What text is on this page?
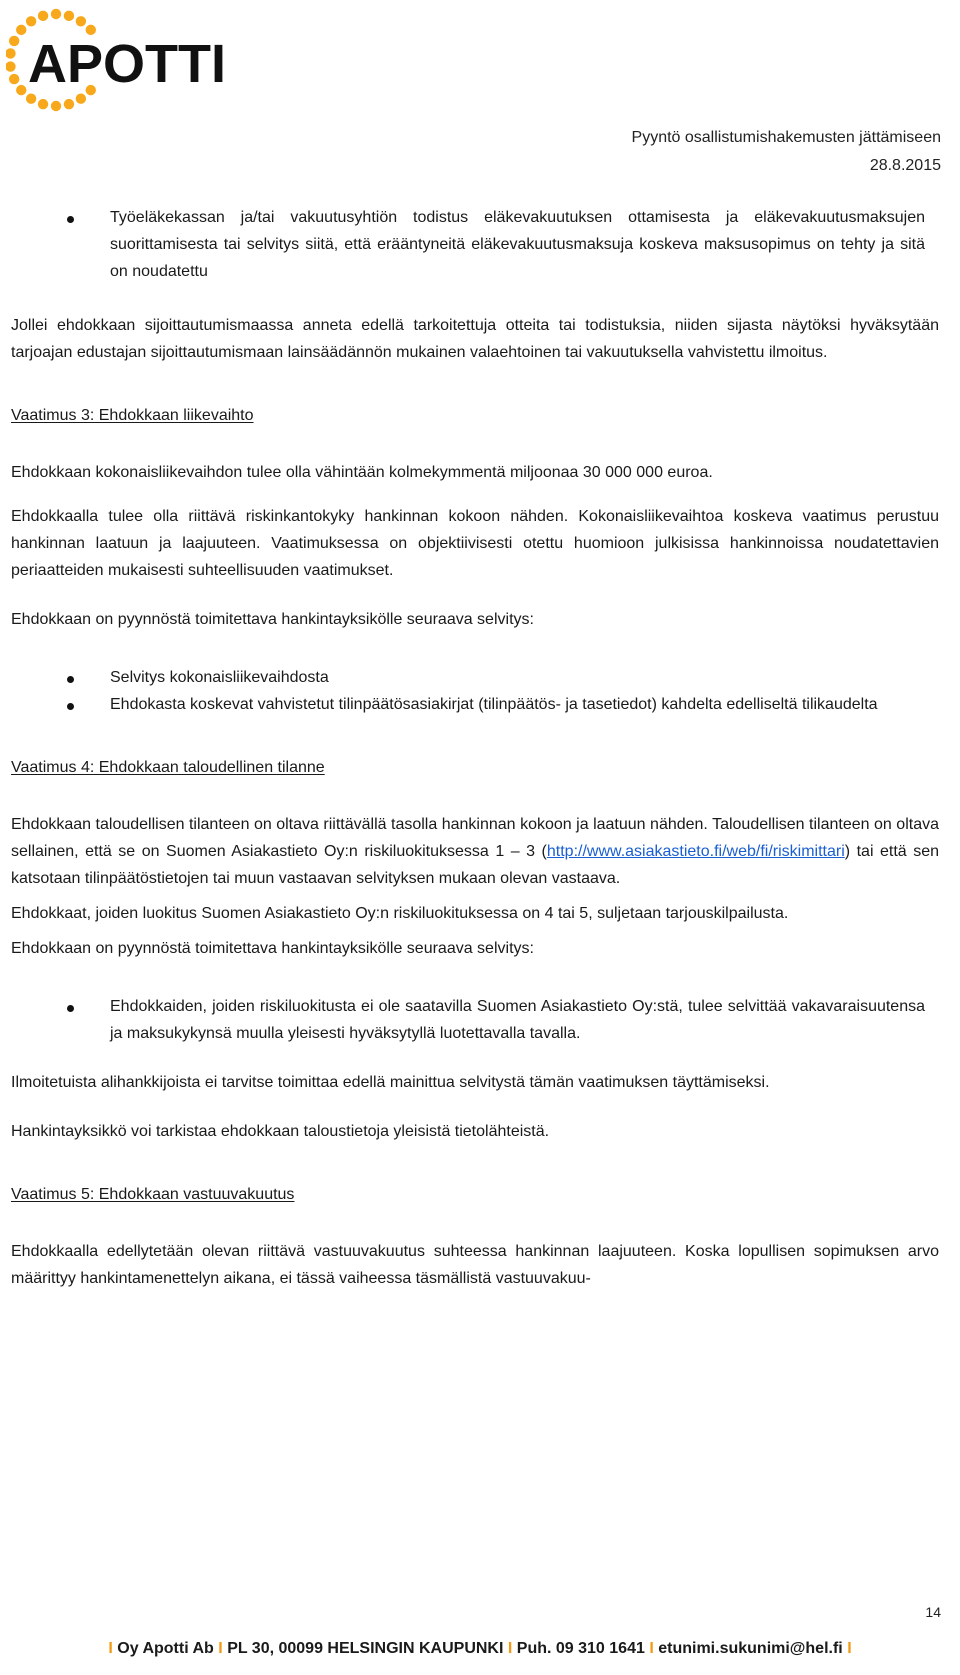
APOTTI
Pyyntö osallistumishakemusten jättämiseen
28.8.2015
Työeläkekassan ja/tai vakuutusyhtiön todistus eläkevakuutuksen ottamisesta ja eläkevakuutusmaksujen suorittamisesta tai selvitys siitä, että erääntyneitä eläkevakuutusmaksuja koskeva maksusopimus on tehty ja sitä on noudatettu

Jollei ehdokkaan sijoittautumismaassa anneta edellä tarkoitettuja otteita tai todistuksia, niiden sijasta näytöksi hyväksytään tarjoajan edustajan sijoittautumismaan lainsäädännön mukainen valaehtoinen tai vakuutuksella vahvistettu ilmoitus.

Vaatimus 3: Ehdokkaan liikevaihto

Ehdokkaan kokonaisliikevaihdon tulee olla vähintään kolmekymmentä miljoonaa 30 000 000 euroa.

Ehdokkaalla tulee olla riittävä riskinkantokyky hankinnan kokoon nähden. Kokonaisliikevaihtoa koskeva vaatimus perustuu hankinnan laatuun ja laajuuteen. Vaatimuksessa on objektiivisesti otettu huomioon julkisissa hankinnoissa noudatettavien periaatteiden mukaisesti suhteellisuuden vaatimukset.

Ehdokkaan on pyynnöstä toimitettava hankintayksikölle seuraava selvitys:

Selvitys kokonaisliikevaihdosta
Ehdokasta koskevat vahvistetut tilinpäätösasiakirjat (tilinpäätös- ja tasetiedot) kahdelta edelliseltä tilikaudelta
Vaatimus 4: Ehdokkaan taloudellinen tilanne

Ehdokkaan taloudellisen tilanteen on oltava riittävällä tasolla hankinnan kokoon ja laatuun nähden. Taloudellisen tilanteen on oltava sellainen, että se on Suomen Asiakastieto Oy:n riskiluokituksessa 1 – 3 (http://www.asiakastieto.fi/web/fi/riskimittari) tai että sen katsotaan tilinpäätöstietojen tai muun vastaavan selvityksen mukaan olevan vastaava.

Ehdokkaat, joiden luokitus Suomen Asiakastieto Oy:n riskiluokituksessa on 4 tai 5, suljetaan tarjouskilpailusta.

Ehdokkaan on pyynnöstä toimitettava hankintayksikölle seuraava selvitys:

Ehdokkaiden, joiden riskiluokitusta ei ole saatavilla Suomen Asiakastieto Oy:stä, tulee selvittää vakavaraisuutensa ja maksukykynsä muulla yleisesti hyväksytyllä luotettavalla tavalla.

Ilmoitetuista alihankkijoista ei tarvitse toimittaa edellä mainittua selvitystä tämän vaatimuksen täyttämiseksi.

Hankintayksikkö voi tarkistaa ehdokkaan taloustietoja yleisistä tietolähteistä.

Vaatimus 5: Ehdokkaan vastuuvakuutus

Ehdokkaalla edellytetään olevan riittävä vastuuvakuutus suhteessa hankinnan laajuuteen. Koska lopullisen sopimuksen arvo määrittyy hankintamenettelyn aikana, ei tässä vaiheessa täsmällistä vastuuvakuu-

14
I Oy Apotti Ab I PL 30, 00099 HELSINGIN KAUPUNKI I Puh. 09 310 1641 I etunimi.sukunimi@hel.fi I
